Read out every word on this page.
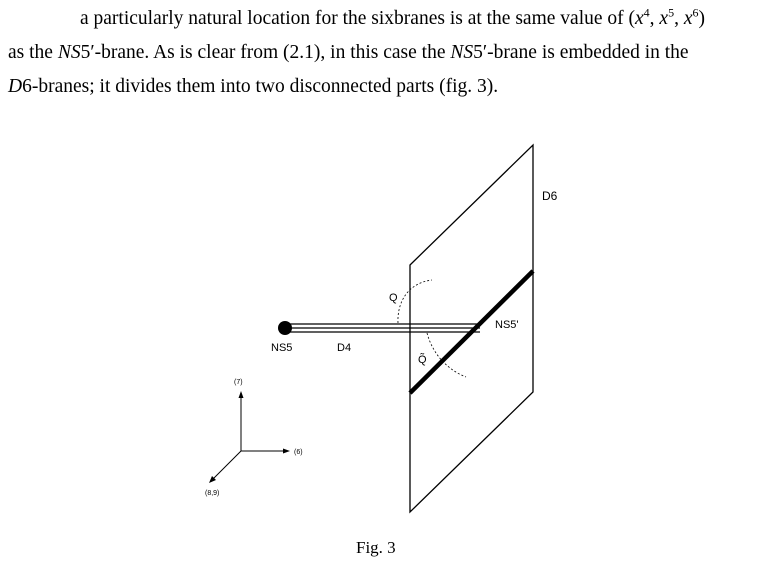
a particularly natural location for the sixbranes is at the same value of ($x^4$, $x^5$, $x^6$)
as the NS5′-brane. As is clear from (2.1), in this case the NS5′-brane is embedded in the
D6-branes; it divides them into two disconnected parts (fig. 3).
D6
NS5'
NS5	D4
Q
Q̃
(7)
(6)
(8,9)
Fig. 3
